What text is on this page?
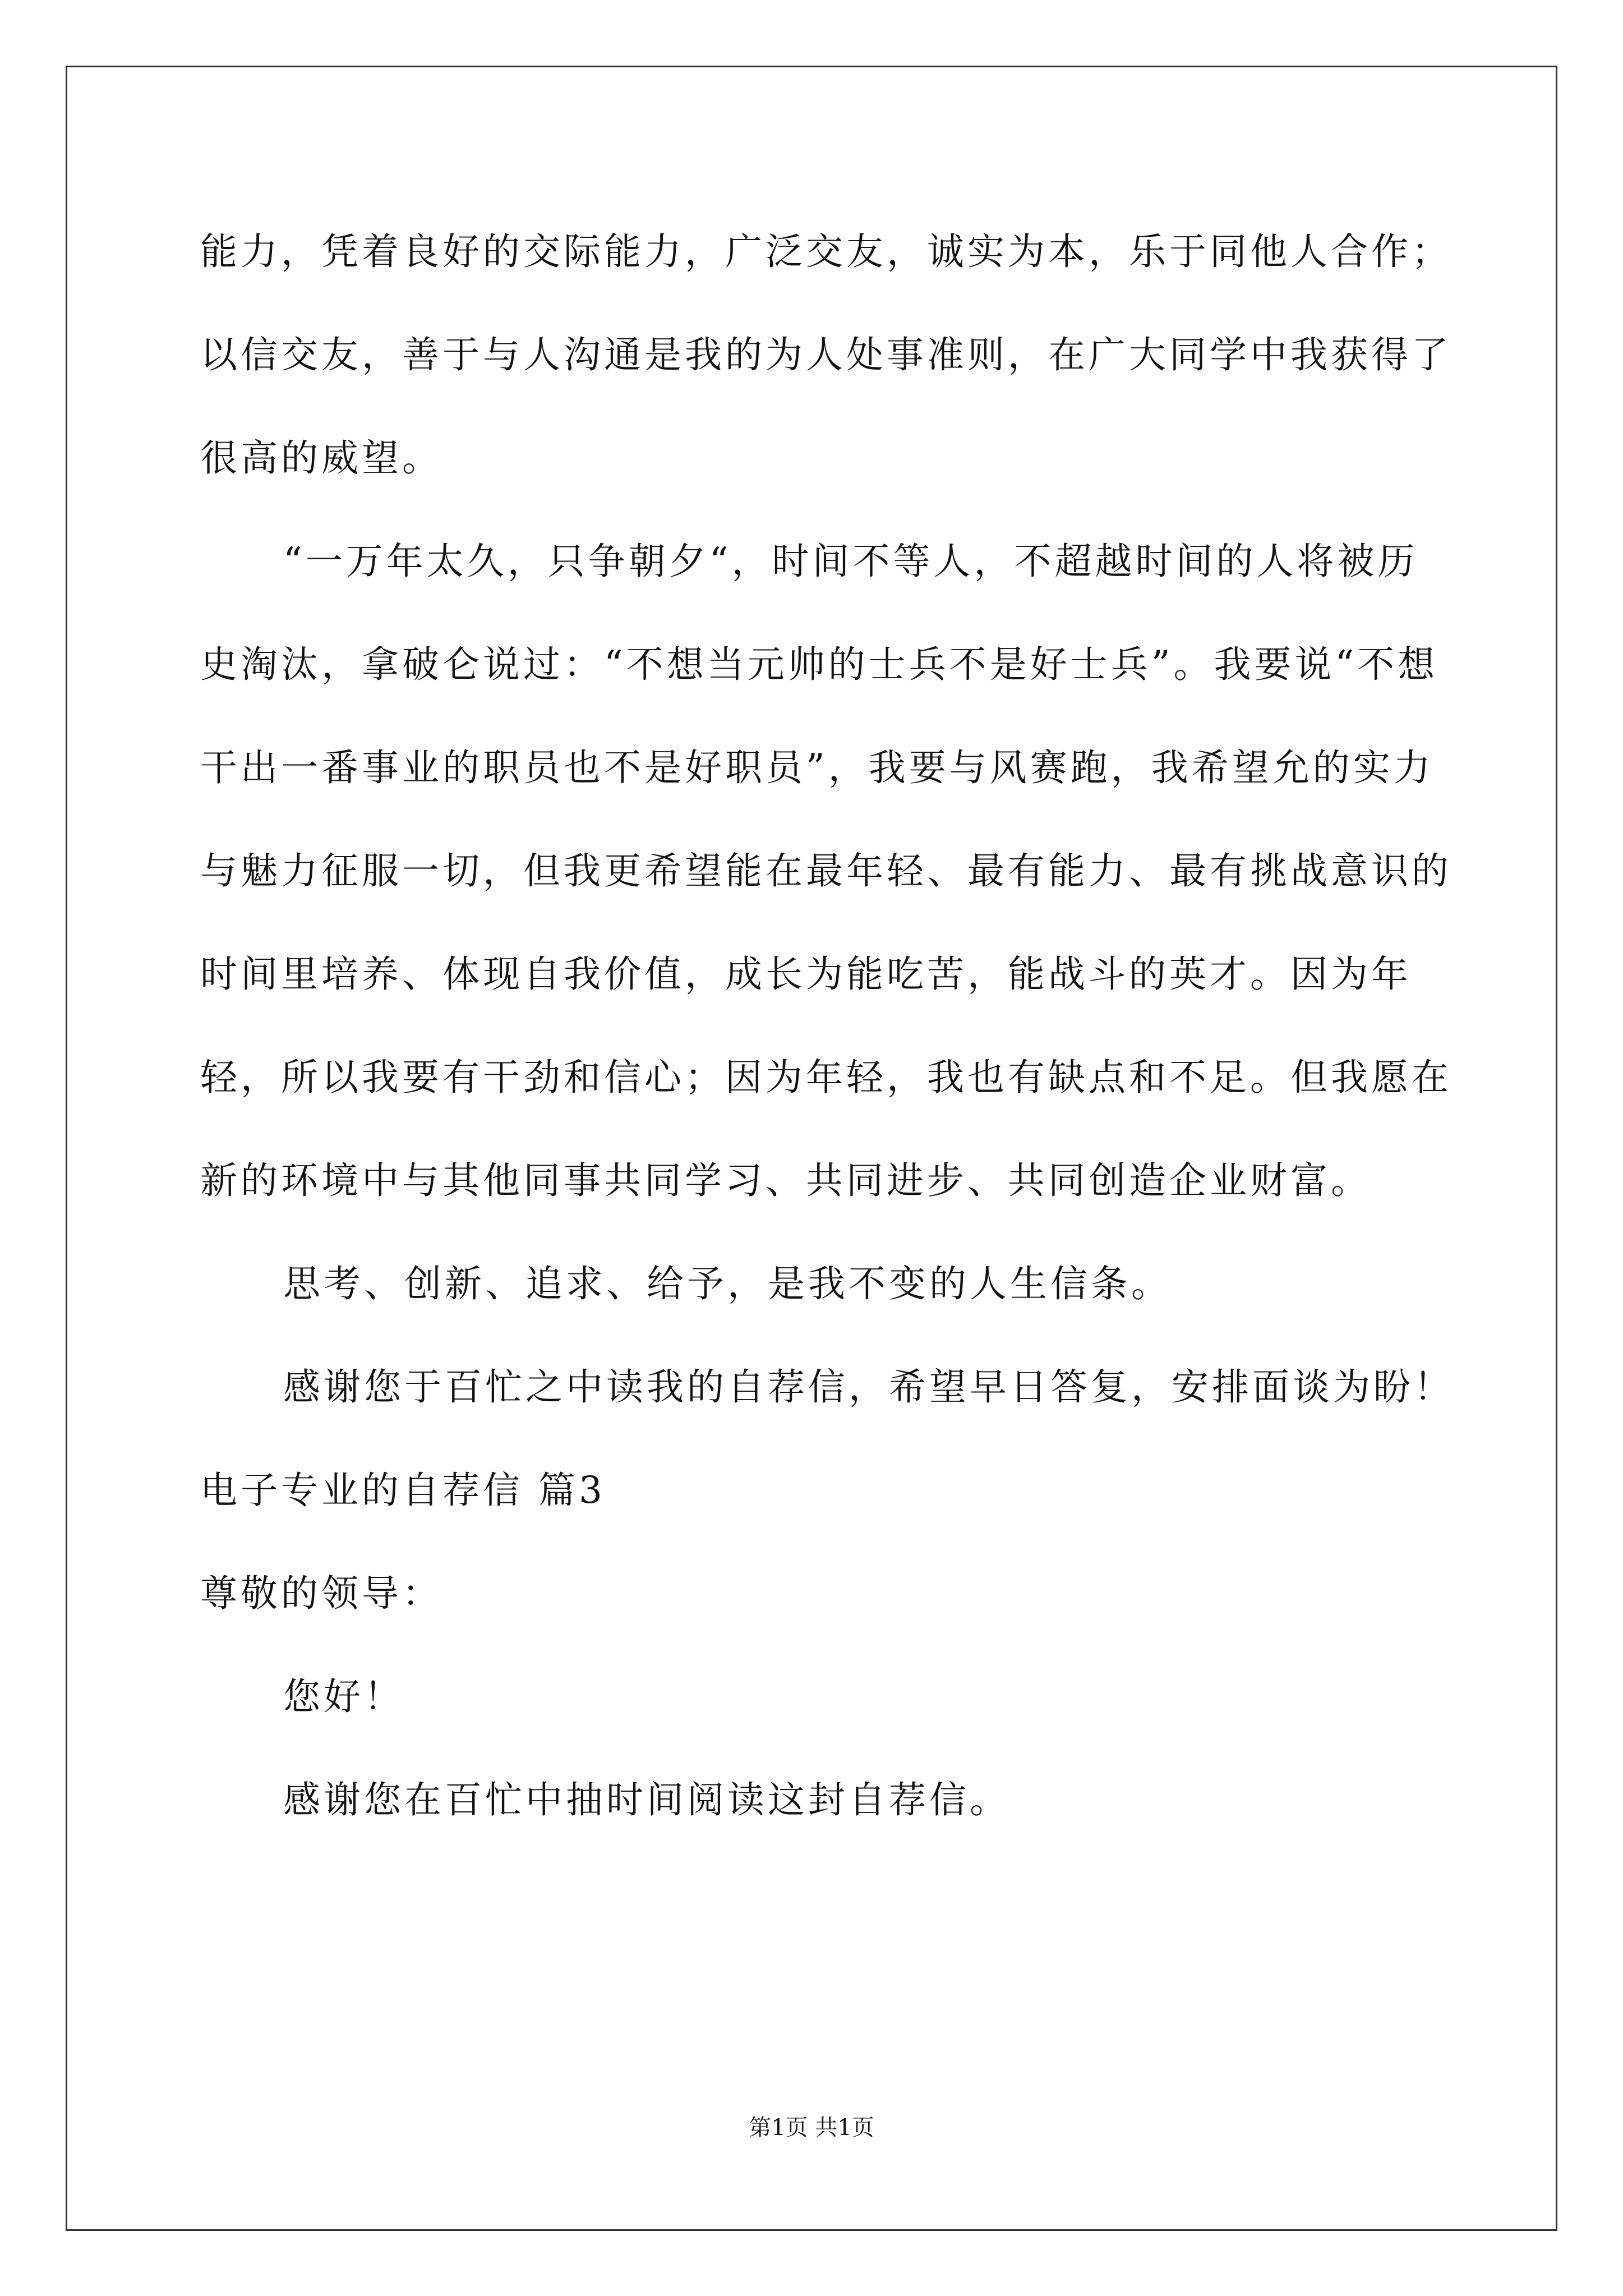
能力，凭着良好的交际能力，广泛交友，诚实为本，乐于同他人合作；以信交友，善于与人沟通是我的为人处事准则，在广大同学中我获得了很高的威望。

“一万年太久，只争朝夕“，时间不等人，不超越时间的人将被历史淘汰，拿破仑说过：“不想当元帅的士兵不是好士兵”。我要说“不想干出一番事业的职员也不是好职员”，我要与风赛跑，我希望允的实力与魅力征服一切，但我更希望能在最年轻、最有能力、最有挑战意识的时间里培养、体现自我价值，成长为能吃苦，能战斗的英才。因为年轻，所以我要有干劲和信心；因为年轻，我也有缺点和不足。但我愿在新的环境中与其他同事共同学习、共同进步、共同创造企业财富。

思考、创新、追求、给予，是我不变的人生信条。

感谢您于百忙之中读我的自荐信，希望早日答复，安排面谈为盼！

电子专业的自荐信 篇3

尊敬的领导：

您好！

感谢您在百忙中抽时间阅读这封自荐信。

第1页 共1页
